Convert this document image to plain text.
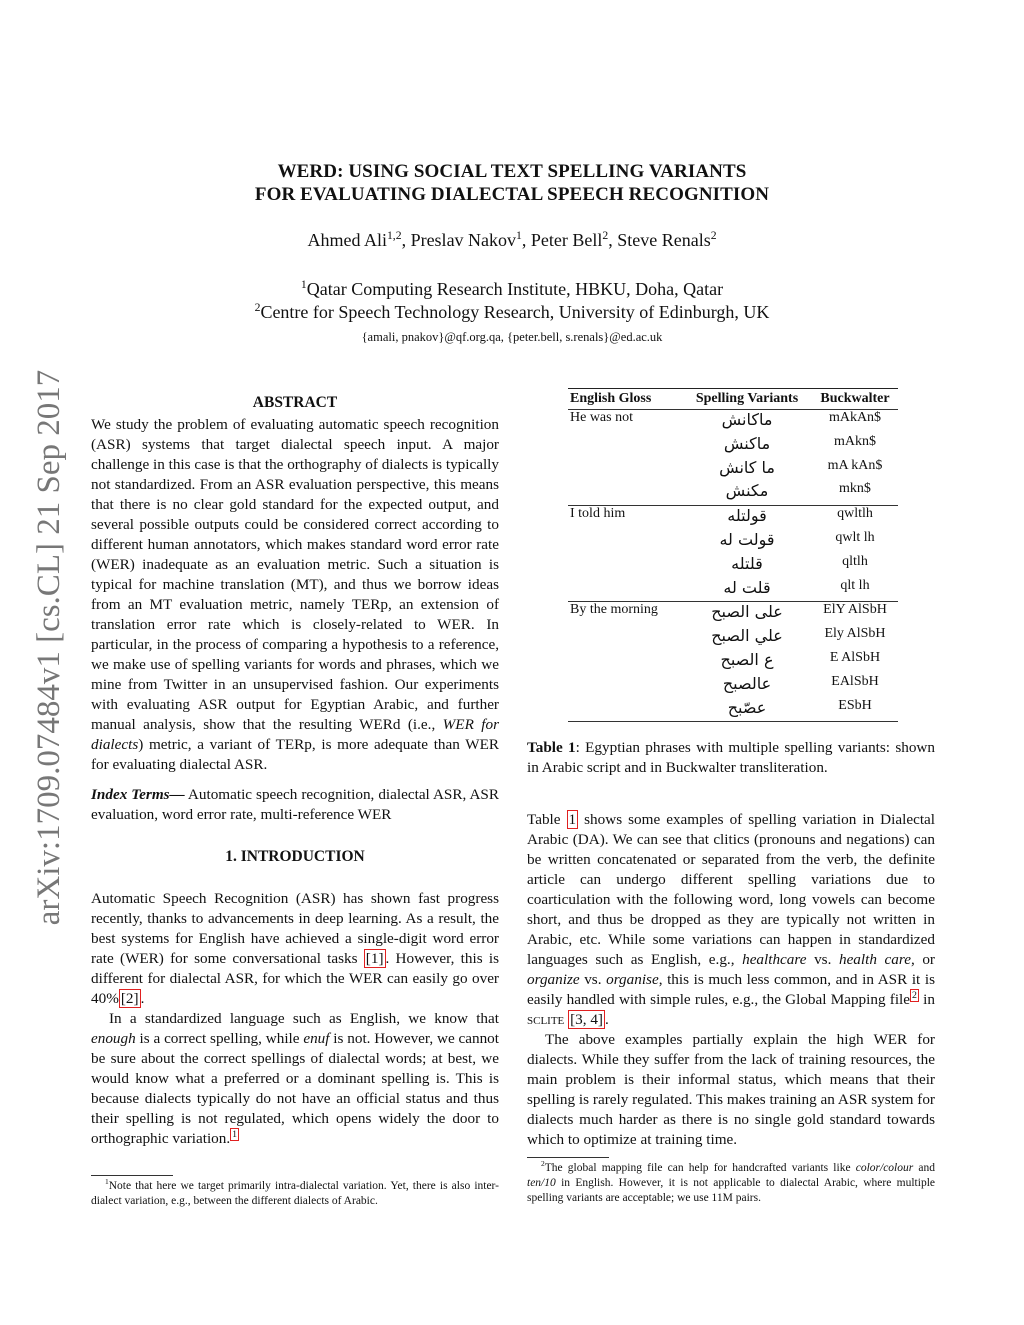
arXiv:1709.07484v1 [cs.CL] 21 Sep 2017
WERD: USING SOCIAL TEXT SPELLING VARIANTS
FOR EVALUATING DIALECTAL SPEECH RECOGNITION
Ahmed Ali$^{1,2}$, Preslav Nakov$^1$, Peter Bell$^2$, Steve Renals$^2$
$^1$Qatar Computing Research Institute, HBKU, Doha, Qatar
$^2$Centre for Speech Technology Research, University of Edinburgh, UK
{amali, pnakov}@qf.org.qa, {peter.bell, s.renals}@ed.ac.uk
ABSTRACT

We study the problem of evaluating automatic speech recognition (ASR) systems that target dialectal speech input. A major challenge in this case is that the orthography of dialects is typically not standardized. From an ASR evaluation perspective, this means that there is no clear gold standard for the expected output, and several possible outputs could be considered correct according to different human annotators, which makes standard word error rate (WER) inadequate as an evaluation metric. Such a situation is typical for machine translation (MT), and thus we borrow ideas from an MT evaluation metric, namely TERp, an extension of translation error rate which is closely-related to WER. In particular, in the process of comparing a hypothesis to a reference, we make use of spelling variants for words and phrases, which we mine from Twitter in an unsupervised fashion. Our experiments with evaluating ASR output for Egyptian Arabic, and further manual analysis, show that the resulting WERd (i.e., WER for dialects) metric, a variant of TERp, is more adequate than WER for evaluating dialectal ASR.

Index Terms— Automatic speech recognition, dialectal ASR, ASR evaluation, word error rate, multi-reference WER

1. INTRODUCTION

Automatic Speech Recognition (ASR) has shown fast progress recently, thanks to advancements in deep learning. As a result, the best systems for English have achieved a single-digit word error rate (WER) for some conversational tasks [1] . However, this is different for dialectal ASR, for which the WER can easily go over 40% [2] .

In a standardized language such as English, we know that enough is a correct spelling, while enuf is not. However, we cannot be sure about the correct spellings of dialectal words; at best, we would know what a preferred or a dominant spelling is. This is because dialects typically do not have an official status and thus their spelling is not regulated, which opens widely the door to orthographic variation. $^1$

$^1$Note that here we target primarily intra-dialectal variation. Yet, there is also inter-dialect variation, e.g., between the different dialects of Arabic.
English Gloss	Spelling Variants	Buckwalter
He was not	ماكانش	mAkAn$
	ماكنش	mAkn$
	ما كانش	mA kAn$
	مكنش	mkn$
I told him	قولتله	qwltlh
	قولت له	qwlt lh
	قلتله	qltlh
	قلت له	qlt lh
By the morning	على الصبح	ElY AlSbH
	علي الصبح	Ely AlSbH
	ع الصبح	E AlSbH
	عالصبح	EAlSbH
	عصّبح	ESbH
Table 1: Egyptian phrases with multiple spelling variants: shown in Arabic script and in Buckwalter transliteration.

Table 1 shows some examples of spelling variation in Dialectal Arabic (DA). We can see that clitics (pronouns and negations) can be written concatenated or separated from the verb, the definite article can undergo different spelling variations due to coarticulation with the following word, long vowels can become short, and thus be dropped as they are typically not written in Arabic, etc. While some variations can happen in standardized languages such as English, e.g., healthcare vs. health care, or organize vs. organise, this is much less common, and in ASR it is easily handled with simple rules, e.g., the Global Mapping file $^2$ in sclite [3, 4] .

The above examples partially explain the high WER for dialects. While they suffer from the lack of training resources, the main problem is their informal status, which means that their spelling is rarely regulated. This makes training an ASR system for dialects much harder as there is no single gold standard towards which to optimize at training time.

$^2$The global mapping file can help for handcrafted variants like color/colour and ten/10 in English. However, it is not applicable to dialectal Arabic, where multiple spelling variants are acceptable; we use 11M pairs.
